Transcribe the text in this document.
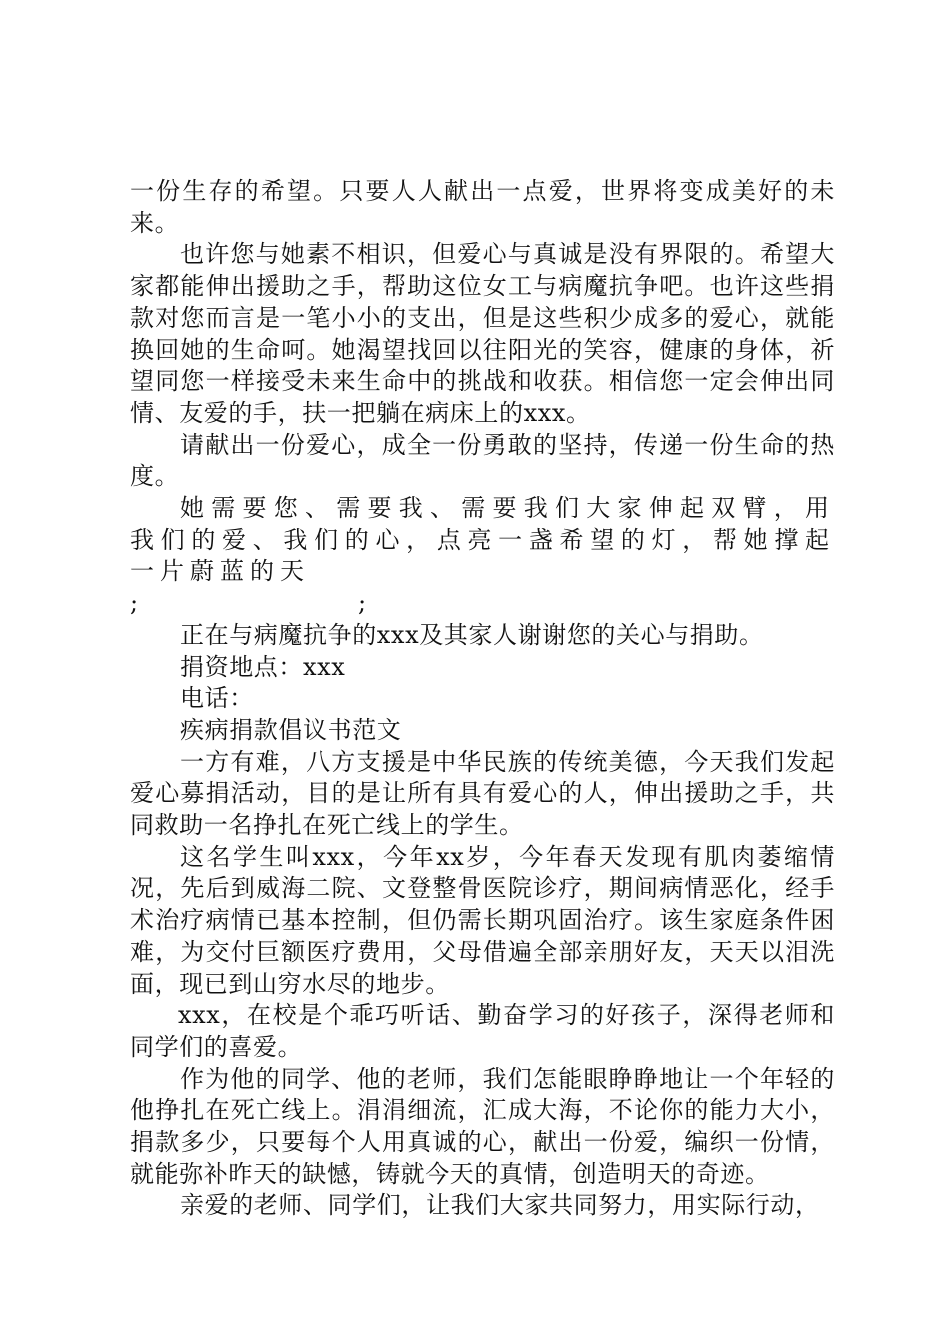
一份生存的希望。只要人人献出一点爱，世界将变成美好的未来。

也许您与她素不相识，但爱心与真诚是没有界限的。希望大家都能伸出援助之手，帮助这位女工与病魔抗争吧。也许这些捐款对您而言是一笔小小的支出，但是这些积少成多的爱心，就能换回她的生命呵。她渴望找回以往阳光的笑容，健康的身体，祈望同您一样接受未来生命中的挑战和收获。相信您一定会伸出同情、友爱的手，扶一把躺在病床上的xxx。

请献出一份爱心，成全一份勇敢的坚持，传递一份生命的热度。

她需要您、需要我、需要我们大家伸起双臂，用我们的爱、我们的心，点亮一盏希望的灯，帮她撑起一片蔚蓝的天

;	;

正在与病魔抗争的xxx及其家人谢谢您的关心与捐助。

捐资地点：xxx

电话：

疾病捐款倡议书范文

一方有难，八方支援是中华民族的传统美德，今天我们发起爱心募捐活动，目的是让所有具有爱心的人，伸出援助之手，共同救助一名挣扎在死亡线上的学生。

这名学生叫xxx，今年xx岁，今年春天发现有肌肉萎缩情况，先后到威海二院、文登整骨医院诊疗，期间病情恶化，经手术治疗病情已基本控制，但仍需长期巩固治疗。该生家庭条件困难，为交付巨额医疗费用，父母借遍全部亲朋好友，天天以泪洗面，现已到山穷水尽的地步。

xxx，在校是个乖巧听话、勤奋学习的好孩子，深得老师和同学们的喜爱。

作为他的同学、他的老师，我们怎能眼睁睁地让一个年轻的他挣扎在死亡线上。涓涓细流，汇成大海，不论你的能力大小，捐款多少，只要每个人用真诚的心，献出一份爱，编织一份情，就能弥补昨天的缺憾，铸就今天的真情，创造明天的奇迹。

亲爱的老师、同学们，让我们大家共同努力，用实际行动，
